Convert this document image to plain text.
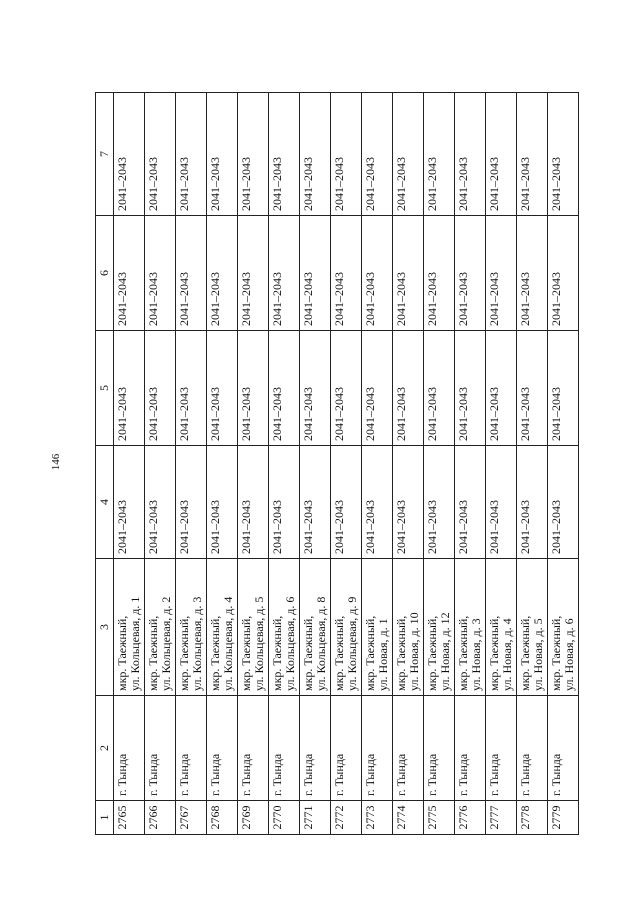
146
1	2	3	4	5	6	7
2765	г. Тында	мкр. Таежный,
ул. Кольцевая, д. 1	2041–2043	2041–2043	2041–2043	2041–2043
2766	г. Тында	мкр. Таежный,
ул. Кольцевая, д. 2	2041–2043	2041–2043	2041–2043	2041–2043
2767	г. Тында	мкр. Таежный,
ул. Кольцевая, д. 3	2041–2043	2041–2043	2041–2043	2041–2043
2768	г. Тында	мкр. Таежный,
ул. Кольцевая, д. 4	2041–2043	2041–2043	2041–2043	2041–2043
2769	г. Тында	мкр. Таежный,
ул. Кольцевая, д. 5	2041–2043	2041–2043	2041–2043	2041–2043
2770	г. Тында	мкр. Таежный,
ул. Кольцевая, д. 6	2041–2043	2041–2043	2041–2043	2041–2043
2771	г. Тында	мкр. Таежный,
ул. Кольцевая, д. 8	2041–2043	2041–2043	2041–2043	2041–2043
2772	г. Тында	мкр. Таежный,
ул. Кольцевая, д. 9	2041–2043	2041–2043	2041–2043	2041–2043
2773	г. Тында	мкр. Таежный,
ул. Новая, д. 1	2041–2043	2041–2043	2041–2043	2041–2043
2774	г. Тында	мкр. Таежный,
ул. Новая, д. 10	2041–2043	2041–2043	2041–2043	2041–2043
2775	г. Тында	мкр. Таежный,
ул. Новая, д. 12	2041–2043	2041–2043	2041–2043	2041–2043
2776	г. Тында	мкр. Таежный,
ул. Новая, д. 3	2041–2043	2041–2043	2041–2043	2041–2043
2777	г. Тында	мкр. Таежный,
ул. Новая, д. 4	2041–2043	2041–2043	2041–2043	2041–2043
2778	г. Тында	мкр. Таежный,
ул. Новая, д. 5	2041–2043	2041–2043	2041–2043	2041–2043
2779	г. Тында	мкр. Таежный,
ул. Новая, д. 6	2041–2043	2041–2043	2041–2043	2041–2043
